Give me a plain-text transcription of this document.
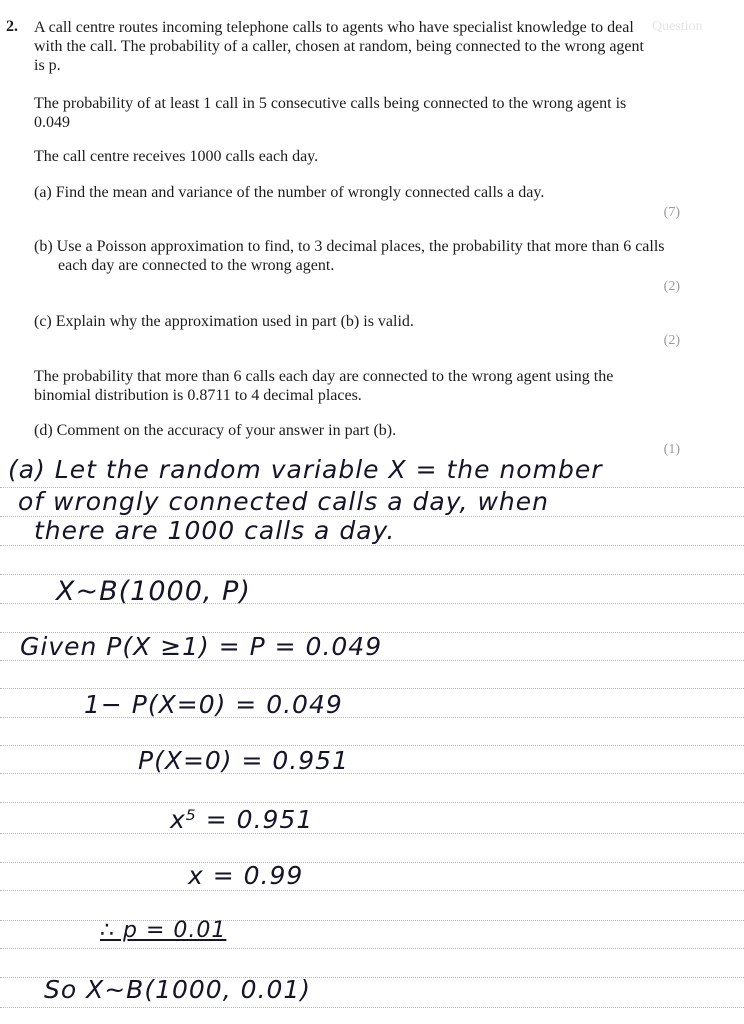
2.	Question
A call centre routes incoming telephone calls to agents who have specialist knowledge to deal with the call. The probability of a caller, chosen at random, being connected to the wrong agent is p.
The probability of at least 1 call in 5 consecutive calls being connected to the wrong agent is 0.049
The call centre receives 1000 calls each day.
(a) Find the mean and variance of the number of wrongly connected calls a day.
(7)
(b) Use a Poisson approximation to find, to 3 decimal places, the probability that more than 6 calls each day are connected to the wrong agent.
(2)
(c) Explain why the approximation used in part (b) is valid.
(2)
The probability that more than 6 calls each day are connected to the wrong agent using the binomial distribution is 0.8711 to 4 decimal places.
(d) Comment on the accuracy of your answer in part (b).
(1)
(a) Let the random variable X = the nomber
of wrongly connected calls a day, when
there are 1000 calls a day.
X~B(1000, P)
Given P(X ≥1) = P = 0.049
1− P(X=0) = 0.049
P(X=0) = 0.951
x⁵ = 0.951
x = 0.99
∴ p = 0.01
So X~B(1000, 0.01)
